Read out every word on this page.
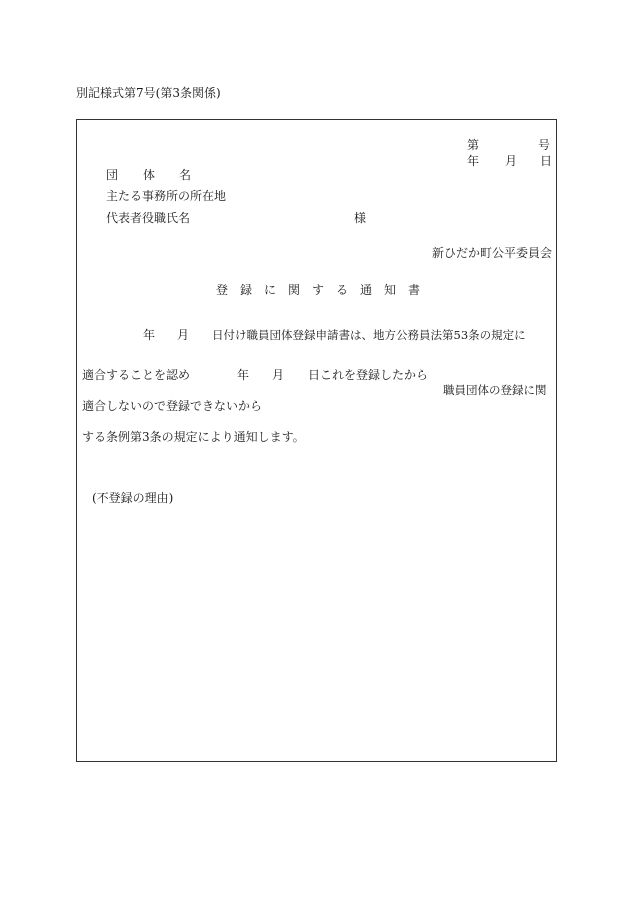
別記様式第7号(第3条関係)
第	号
年 月 日
団 体 名
主たる事務所の所在地
代表者役職氏名	様
新ひだか町公平委員会
登 録 に 関 す る 通 知 書
年 月 日付け職員団体登録申請書は、地方公務員法第53条の規定に
適合することを認め	年 月 日これを登録したから
職員団体の登録に関
適合しないので登録できないから
する条例第3条の規定により通知します。
(不登録の理由)
